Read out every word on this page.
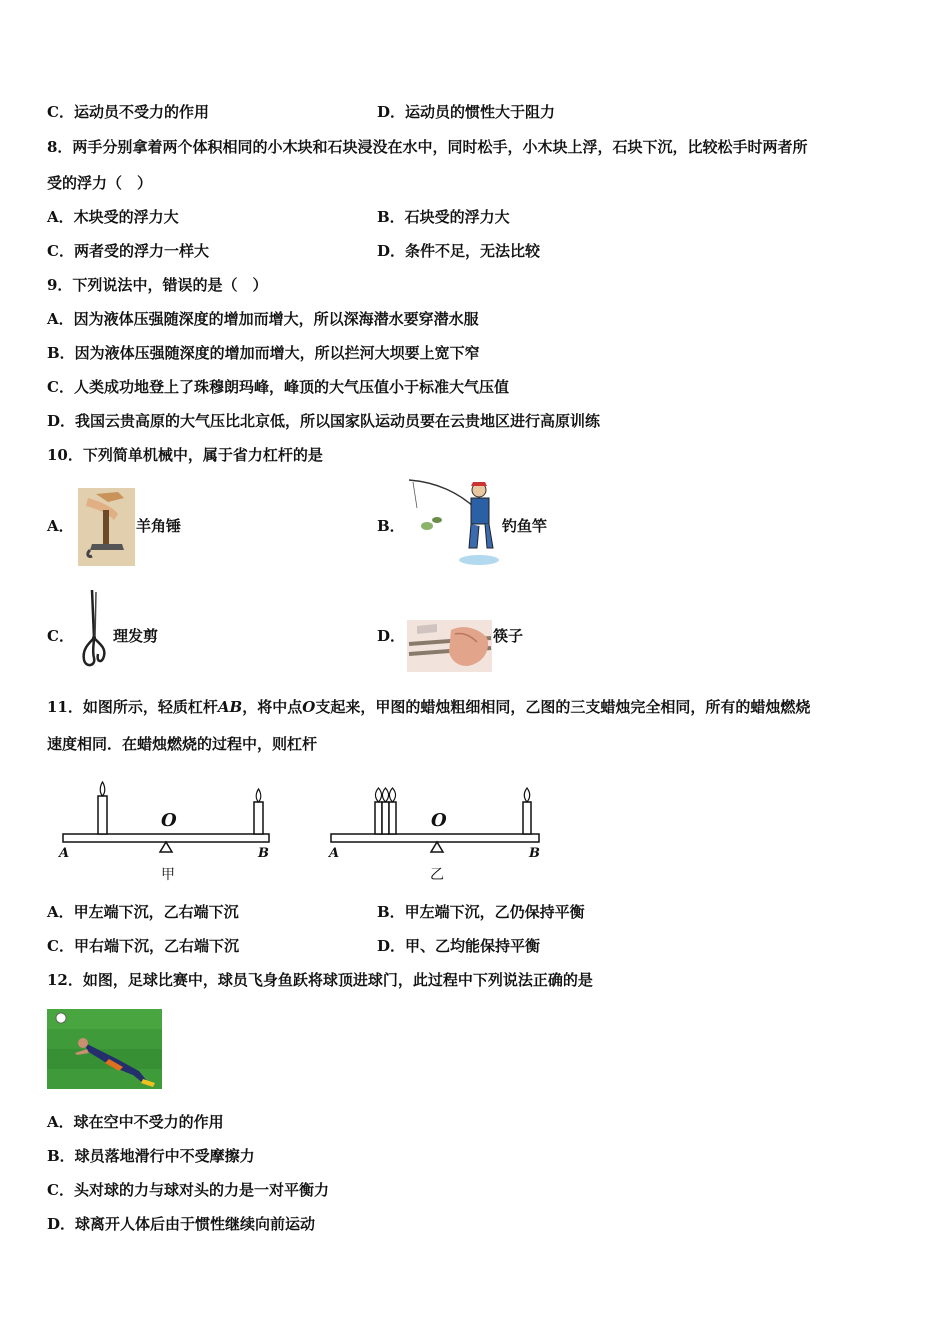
C．运动员不受力的作用	D．运动员的惯性大于阻力
8．两手分别拿着两个体积相同的小木块和石块浸没在水中，同时松手，小木块上浮，石块下沉，比较松手时两者所
受的浮力（　）
A．木块受的浮力大	B．石块受的浮力大
C．两者受的浮力一样大	D．条件不足，无法比较
9．下列说法中，错误的是（　）
A．因为液体压强随深度的增加而增大，所以深海潜水要穿潜水服
B．因为液体压强随深度的增加而增大，所以拦河大坝要上宽下窄
C．人类成功地登上了珠穆朗玛峰，峰顶的大气压值小于标准大气压值
D．我国云贵高原的大气压比北京低，所以国家队运动员要在云贵地区进行高原训练
10．下列简单机械中，属于省力杠杆的是
A．	羊角锤	B．	钓鱼竿
C．	理发剪	D．	筷子
11．如图所示，轻质杠杆AB，将中点O支起来，甲图的蜡烛粗细相同，乙图的三支蜡烛完全相同，所有的蜡烛燃烧
速度相同．在蜡烛燃烧的过程中，则杠杆
O
A	B
甲
O
A	B
乙
A．甲左端下沉，乙右端下沉	B．甲左端下沉，乙仍保持平衡
C．甲右端下沉，乙右端下沉	D．甲、乙均能保持平衡
12．如图，足球比赛中，球员飞身鱼跃将球顶进球门，此过程中下列说法正确的是
A．球在空中不受力的作用
B．球员落地滑行中不受摩擦力
C．头对球的力与球对头的力是一对平衡力
D．球离开人体后由于惯性继续向前运动
